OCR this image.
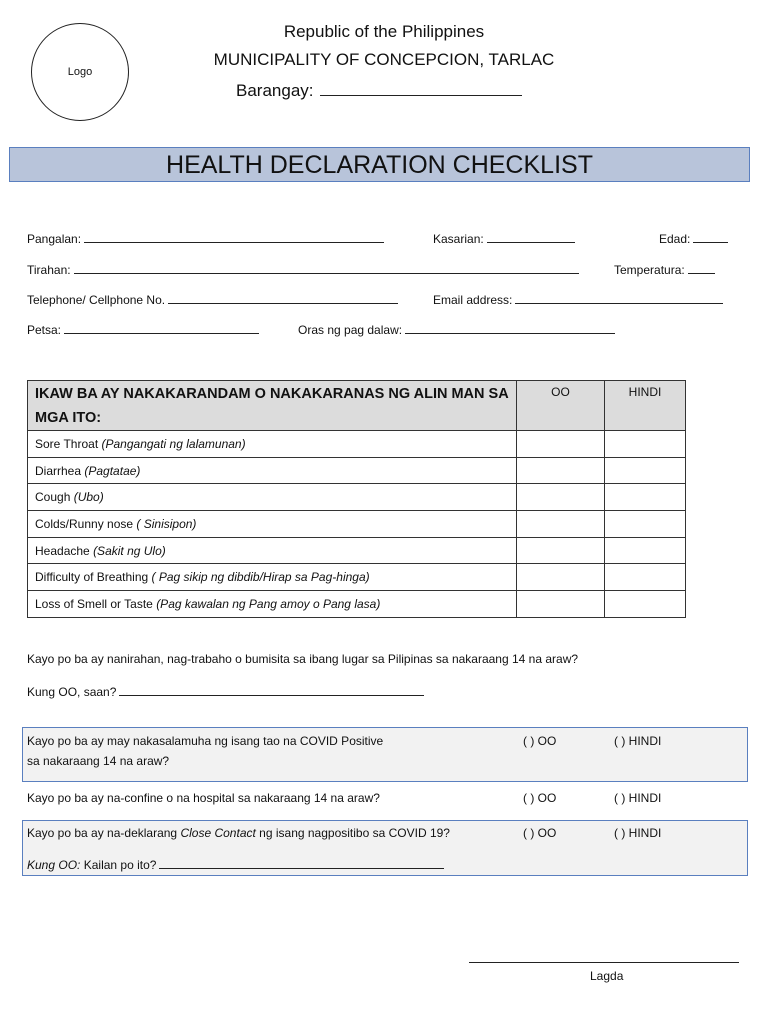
Logo
Republic of the Philippines
MUNICIPALITY OF CONCEPCION, TARLAC
Barangay:
HEALTH DECLARATION CHECKLIST
Pangalan:	Kasarian:	Edad:
Tirahan:	Temperatura:
Telephone/ Cellphone No.	Email address:
Petsa:	Oras ng pag dalaw:
IKAW BA AY NAKAKARANDAM O NAKAKARANAS NG ALIN MAN SA MGA ITO:	OO	HINDI
Sore Throat (Pangangati ng lalamunan)		
Diarrhea (Pagtatae)		
Cough (Ubo)		
Colds/Runny nose ( Sinisipon)		
Headache (Sakit ng Ulo)		
Difficulty of Breathing ( Pag sikip ng dibdib/Hirap sa Pag-hinga)		
Loss of Smell or Taste (Pag kawalan ng Pang amoy o Pang lasa)		
Kayo po ba ay nanirahan, nag-trabaho o bumisita sa ibang lugar sa Pilipinas sa nakaraang 14 na araw?
Kung OO, saan?
Kayo po ba ay may nakasalamuha ng isang tao na COVID Positive
sa nakaraang 14 na araw?
( ) OO	( ) HINDI
Kayo po ba ay na-confine o na hospital sa nakaraang 14 na araw?	( ) OO	( ) HINDI
Kayo po ba ay na-deklarang Close Contact ng isang nagpositibo sa COVID 19?	( ) OO	( ) HINDI
Kung OO: Kailan po ito?
Lagda
